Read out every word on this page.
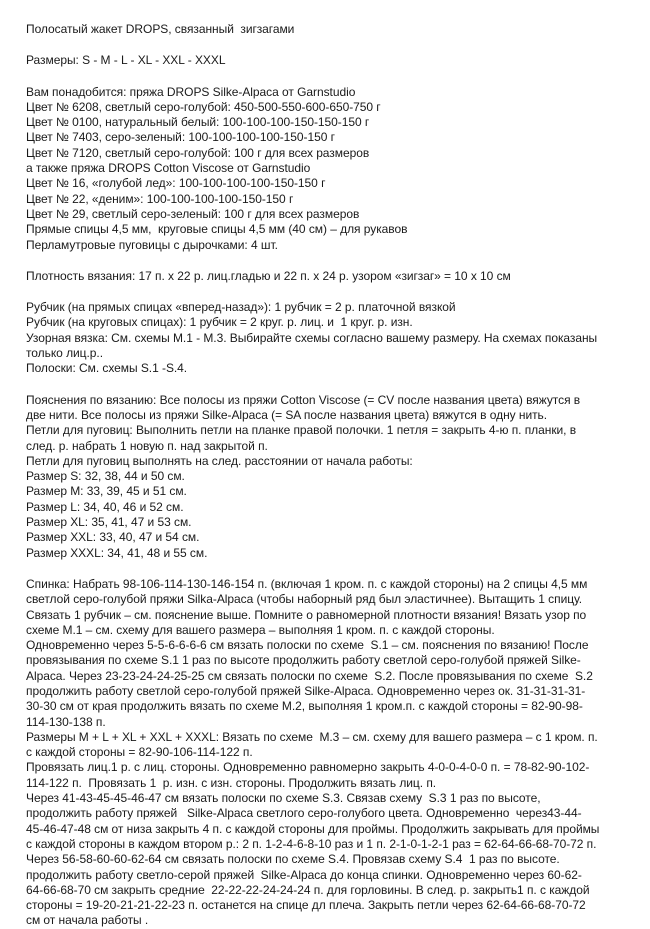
Полосатый жакет DROPS, связанный  зигзагами
Размеры: S - M - L - XL - XXL - XXXL
Вам понадобится: пряжа DROPS Silke-Alpaca от Garnstudio
Цвет № 6208, светлый серо-голубой: 450-500-550-600-650-750 г
Цвет № 0100, натуральный белый: 100-100-100-150-150-150 г
Цвет № 7403, серо-зеленый: 100-100-100-100-150-150 г
Цвет № 7120, светлый серо-голубой: 100 г для всех размеров
а также пряжа DROPS Cotton Viscose от Garnstudio
Цвет № 16, «голубой лед»: 100-100-100-100-150-150 г
Цвет № 22, «деним»: 100-100-100-100-150-150 г
Цвет № 29, светлый серо-зеленый: 100 г для всех размеров
Прямые спицы 4,5 мм,  круговые спицы 4,5 мм (40 см) – для рукавов
Перламутровые пуговицы с дырочками: 4 шт.
Плотность вязания: 17 п. x 22 р. лиц.гладью и 22 п. x 24 р. узором «зигзаг» = 10 x 10 см
Рубчик (на прямых спицах «вперед-назад»): 1 рубчик = 2 р. платочной вязкой
Рубчик (на круговых спицах): 1 рубчик = 2 круг. р. лиц. и  1 круг. р. изн.
Узорная вязка: См. схемы М.1 - М.3. Выбирайте схемы согласно вашему размеру. На схемах показаны
только лиц.р..
Полоски: См. схемы S.1 -S.4.
Пояснения по вязанию: Все полосы из пряжи Cotton Viscose (= CV после названия цвета) вяжутся в
две нити. Все полосы из пряжи Silke-Alpaca (= SA после названия цвета) вяжутся в одну нить.
Петли для пуговиц: Выполнить петли на планке правой полочки. 1 петля = закрыть 4-ю п. планки, в
след. р. набрать 1 новую п. над закрытой п.
Петли для пуговиц выполнять на след. расстоянии от начала работы:
Размер S: 32, 38, 44 и 50 см.
Размер M: 33, 39, 45 и 51 см.
Размер L: 34, 40, 46 и 52 см.
Размер XL: 35, 41, 47 и 53 см.
Размер XXL: 33, 40, 47 и 54 см.
Размер XXXL: 34, 41, 48 и 55 см.
Спинка: Набрать 98-106-114-130-146-154 п. (включая 1 кром. п. с каждой стороны) на 2 спицы 4,5 мм
светлой серо-голубой пряжи Silka-Alpaca (чтобы наборный ряд был эластичнее). Вытащить 1 спицу.
Связать 1 рубчик – см. пояснение выше. Помните о равномерной плотности вязания! Вязать узор по
схеме М.1 – см. схему для вашего размера – выполняя 1 кром. п. с каждой стороны.
Одновременно через 5-5-6-6-6-6 см вязать полоски по схеме  S.1 – см. пояснения по вязанию! После
провязывания по схеме S.1 1 раз по высоте продолжить работу светлой серо-голубой пряжей Silke-
Alpaca. Через 23-23-24-24-25-25 см связать полоски по схеме  S.2. После провязывания по схеме  S.2
продолжить работу светлой серо-голубой пряжей Silke-Alpaca. Одновременно через ок. 31-31-31-31-
30-30 см от края продолжить вязать по схеме М.2, выполняя 1 кром.п. с каждой стороны = 82-90-98-
114-130-138 п.
Размеры M + L + XL + XXL + XXXL: Вязать по схеме  М.3 – см. схему для вашего размера – с 1 кром. п.
с каждой стороны = 82-90-106-114-122 п.
Провязать лиц.1 р. с лиц. стороны. Одновременно равномерно закрыть 4-0-0-4-0-0 п. = 78-82-90-102-
114-122 п.  Провязать 1  р. изн. с изн. стороны. Продолжить вязать лиц. п.
Через 41-43-45-45-46-47 см вязать полоски по схеме S.3. Связав схему  S.3 1 раз по высоте,
продолжить работу пряжей   Silke-Alpaca светлого серо-голубого цвета. Одновременно  через43-44-
45-46-47-48 см от низа закрыть 4 п. с каждой стороны для проймы. Продолжить закрывать для проймы
с каждой стороны в каждом втором р.: 2 п. 1-2-4-6-8-10 раз и 1 п. 2-1-0-1-2-1 раз = 62-64-66-68-70-72 п.
Через 56-58-60-60-62-64 см связать полоски по схеме S.4. Провязав схему S.4  1 раз по высоте.
продолжить работу светло-серой пряжей  Silke-Alpaca до конца спинки. Одновременно через 60-62-
64-66-68-70 см закрыть средние  22-22-22-24-24-24 п. для горловины. В след. р. закрыть1 п. с каждой
стороны = 19-20-21-21-22-23 п. останется на спице дл плеча. Закрыть петли через 62-64-66-68-70-72
см от начала работы .
